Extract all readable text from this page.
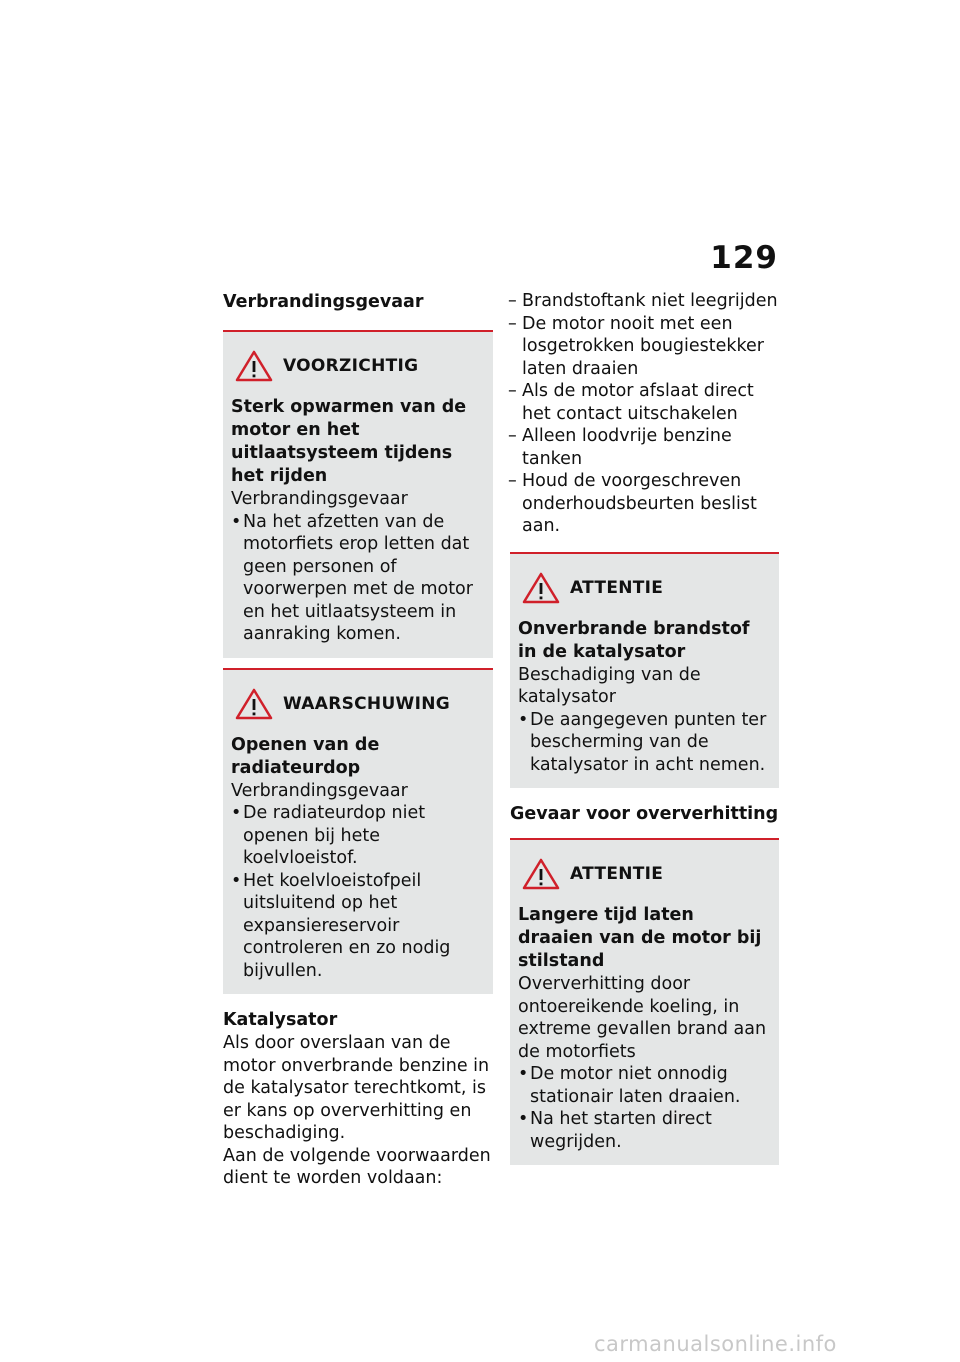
129
Verbrandingsgevaar
VOORZICHTIG
Sterk opwarmen van de motor en het uitlaatsysteem tijdens het rijden
Verbrandingsgevaar
• Na het afzetten van de motorfiets erop letten dat geen personen of voorwerpen met de motor en het uitlaatsysteem in aanraking komen.
WAARSCHUWING
Openen van de radiateurdop
Verbrandingsgevaar
• De radiateurdop niet openen bij hete koelvloeistof.
• Het koelvloeistofpeil uitsluitend op het expansiereservoir controleren en zo nodig bijvullen.
Katalysator

Als door overslaan van de motor onverbrande benzine in de katalysator terechtkomt, is er kans op oververhitting en beschadiging.

Aan de volgende voorwaarden dient te worden voldaan:

– Brandstoftank niet leegrijden
– De motor nooit met een losgetrokken bougiestekker laten draaien
– Als de motor afslaat direct het contact uitschakelen
– Alleen loodvrije benzine tanken
– Houd de voorgeschreven onderhoudsbeurten beslist aan.
ATTENTIE
Onverbrande brandstof in de katalysator
Beschadiging van de katalysator
• De aangegeven punten ter bescherming van de katalysator in acht nemen.
Gevaar voor oververhitting
ATTENTIE
Langere tijd laten draaien van de motor bij stilstand
Oververhitting door ontoereikende koeling, in extreme gevallen brand aan de motorfiets
• De motor niet onnodig stationair laten draaien.
• Na het starten direct wegrijden.
carmanualsonline.info
